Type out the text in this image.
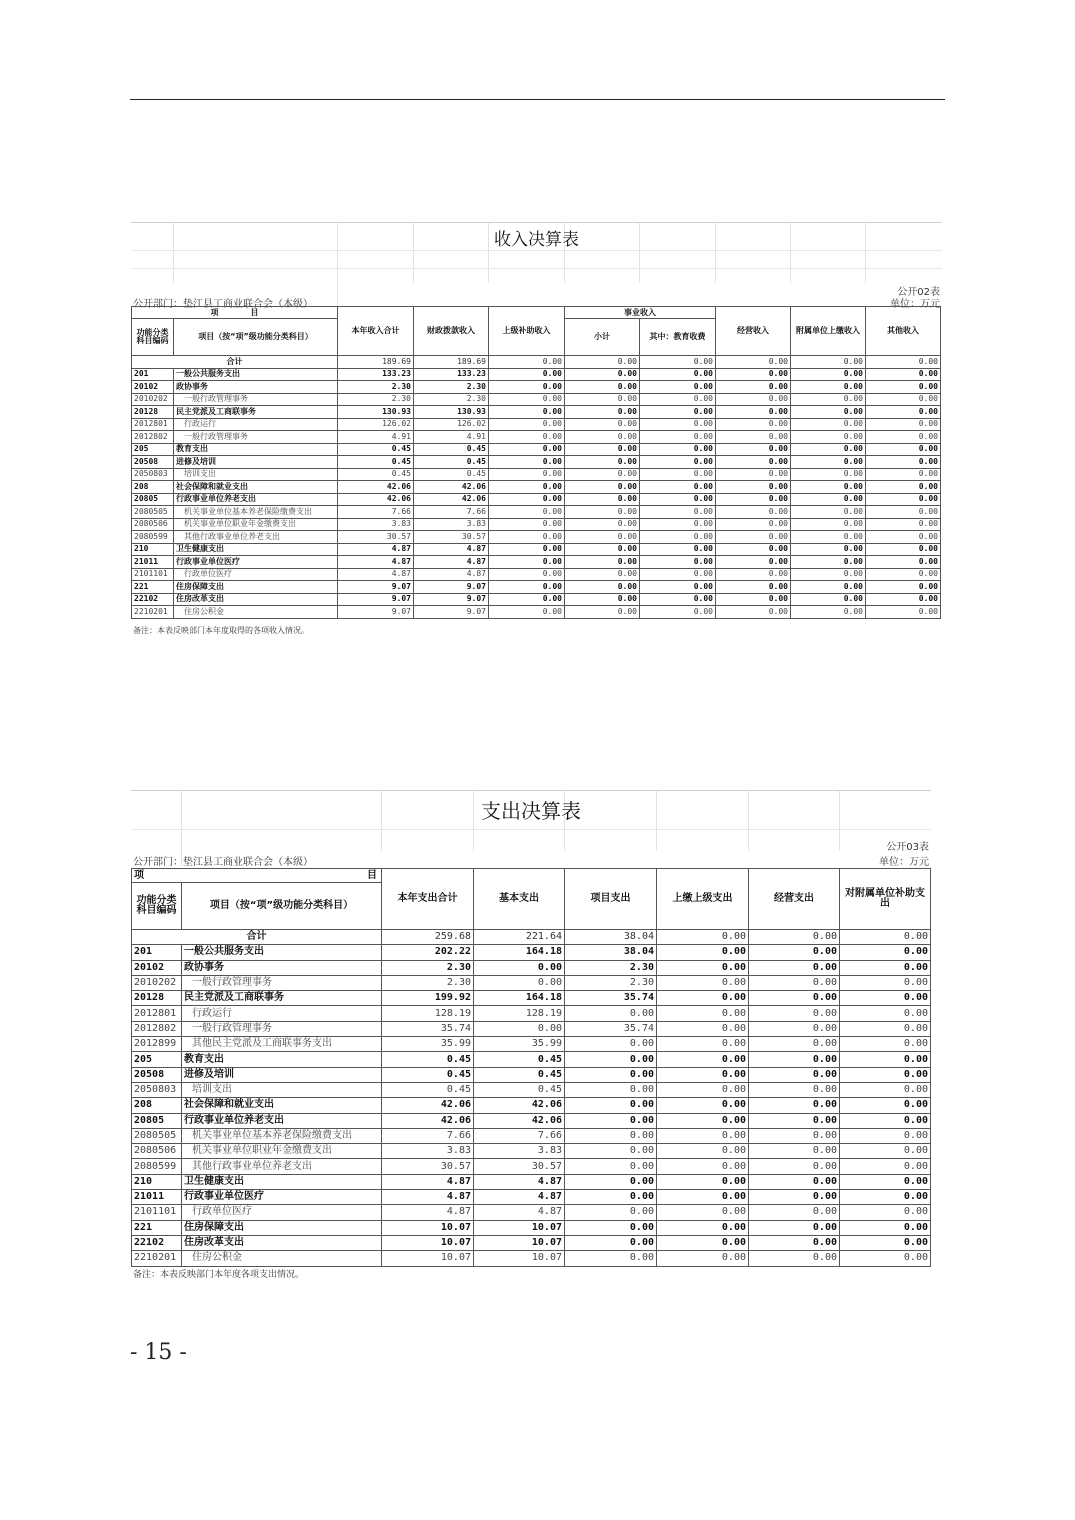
收入决算表
公开02表
单位：万元
公开部门：垫江县工商业联合会（本级）
项　　　　目		本年收入合计	财政拨款收入	上级补助收入	事业收入		经营收入	附属单位上缴收入	其他收入
功能分类科目编码	项目（按“项”级功能分类科目）				小计	其中：教育收费			

合计		189.69	189.69	0.00	0.00	0.00	0.00	0.00	0.00
201	一般公共服务支出	133.23	133.23	0.00	0.00	0.00	0.00	0.00	0.00
20102	政协事务	2.30	2.30	0.00	0.00	0.00	0.00	0.00	0.00
2010202	一般行政管理事务	2.30	2.30	0.00	0.00	0.00	0.00	0.00	0.00
20128	民主党派及工商联事务	130.93	130.93	0.00	0.00	0.00	0.00	0.00	0.00
2012801	行政运行	126.02	126.02	0.00	0.00	0.00	0.00	0.00	0.00
2012802	一般行政管理事务	4.91	4.91	0.00	0.00	0.00	0.00	0.00	0.00
205	教育支出	0.45	0.45	0.00	0.00	0.00	0.00	0.00	0.00
20508	进修及培训	0.45	0.45	0.00	0.00	0.00	0.00	0.00	0.00
2050803	培训支出	0.45	0.45	0.00	0.00	0.00	0.00	0.00	0.00
208	社会保障和就业支出	42.06	42.06	0.00	0.00	0.00	0.00	0.00	0.00
20805	行政事业单位养老支出	42.06	42.06	0.00	0.00	0.00	0.00	0.00	0.00
2080505	机关事业单位基本养老保险缴费支出	7.66	7.66	0.00	0.00	0.00	0.00	0.00	0.00
2080506	机关事业单位职业年金缴费支出	3.83	3.83	0.00	0.00	0.00	0.00	0.00	0.00
2080599	其他行政事业单位养老支出	30.57	30.57	0.00	0.00	0.00	0.00	0.00	0.00
210	卫生健康支出	4.87	4.87	0.00	0.00	0.00	0.00	0.00	0.00
21011	行政事业单位医疗	4.87	4.87	0.00	0.00	0.00	0.00	0.00	0.00
2101101	行政单位医疗	4.87	4.87	0.00	0.00	0.00	0.00	0.00	0.00
221	住房保障支出	9.07	9.07	0.00	0.00	0.00	0.00	0.00	0.00
22102	住房改革支出	9.07	9.07	0.00	0.00	0.00	0.00	0.00	0.00
2210201	住房公积金	9.07	9.07	0.00	0.00	0.00	0.00	0.00	0.00
备注：本表反映部门本年度取得的各项收入情况。
支出决算表
公开03表
单位：万元
公开部门：垫江县工商业联合会（本级）
项 目		本年支出合计	基本支出	项目支出	上缴上级支出	经营支出	对附属单位补助支出
功能分类科目编码	项目（按“项”级功能分类科目）						
合计		259.68	221.64	38.04	0.00	0.00	0.00
201	一般公共服务支出	202.22	164.18	38.04	0.00	0.00	0.00
20102	政协事务	2.30	0.00	2.30	0.00	0.00	0.00
2010202	一般行政管理事务	2.30	0.00	2.30	0.00	0.00	0.00
20128	民主党派及工商联事务	199.92	164.18	35.74	0.00	0.00	0.00
2012801	行政运行	128.19	128.19	0.00	0.00	0.00	0.00
2012802	一般行政管理事务	35.74	0.00	35.74	0.00	0.00	0.00
2012899	其他民主党派及工商联事务支出	35.99	35.99	0.00	0.00	0.00	0.00
205	教育支出	0.45	0.45	0.00	0.00	0.00	0.00
20508	进修及培训	0.45	0.45	0.00	0.00	0.00	0.00
2050803	培训支出	0.45	0.45	0.00	0.00	0.00	0.00
208	社会保障和就业支出	42.06	42.06	0.00	0.00	0.00	0.00
20805	行政事业单位养老支出	42.06	42.06	0.00	0.00	0.00	0.00
2080505	机关事业单位基本养老保险缴费支出	7.66	7.66	0.00	0.00	0.00	0.00
2080506	机关事业单位职业年金缴费支出	3.83	3.83	0.00	0.00	0.00	0.00
2080599	其他行政事业单位养老支出	30.57	30.57	0.00	0.00	0.00	0.00
210	卫生健康支出	4.87	4.87	0.00	0.00	0.00	0.00
21011	行政事业单位医疗	4.87	4.87	0.00	0.00	0.00	0.00
2101101	行政单位医疗	4.87	4.87	0.00	0.00	0.00	0.00
221	住房保障支出	10.07	10.07	0.00	0.00	0.00	0.00
22102	住房改革支出	10.07	10.07	0.00	0.00	0.00	0.00
2210201	住房公积金	10.07	10.07	0.00	0.00	0.00	0.00
备注：本表反映部门本年度各项支出情况。
- 15 -
